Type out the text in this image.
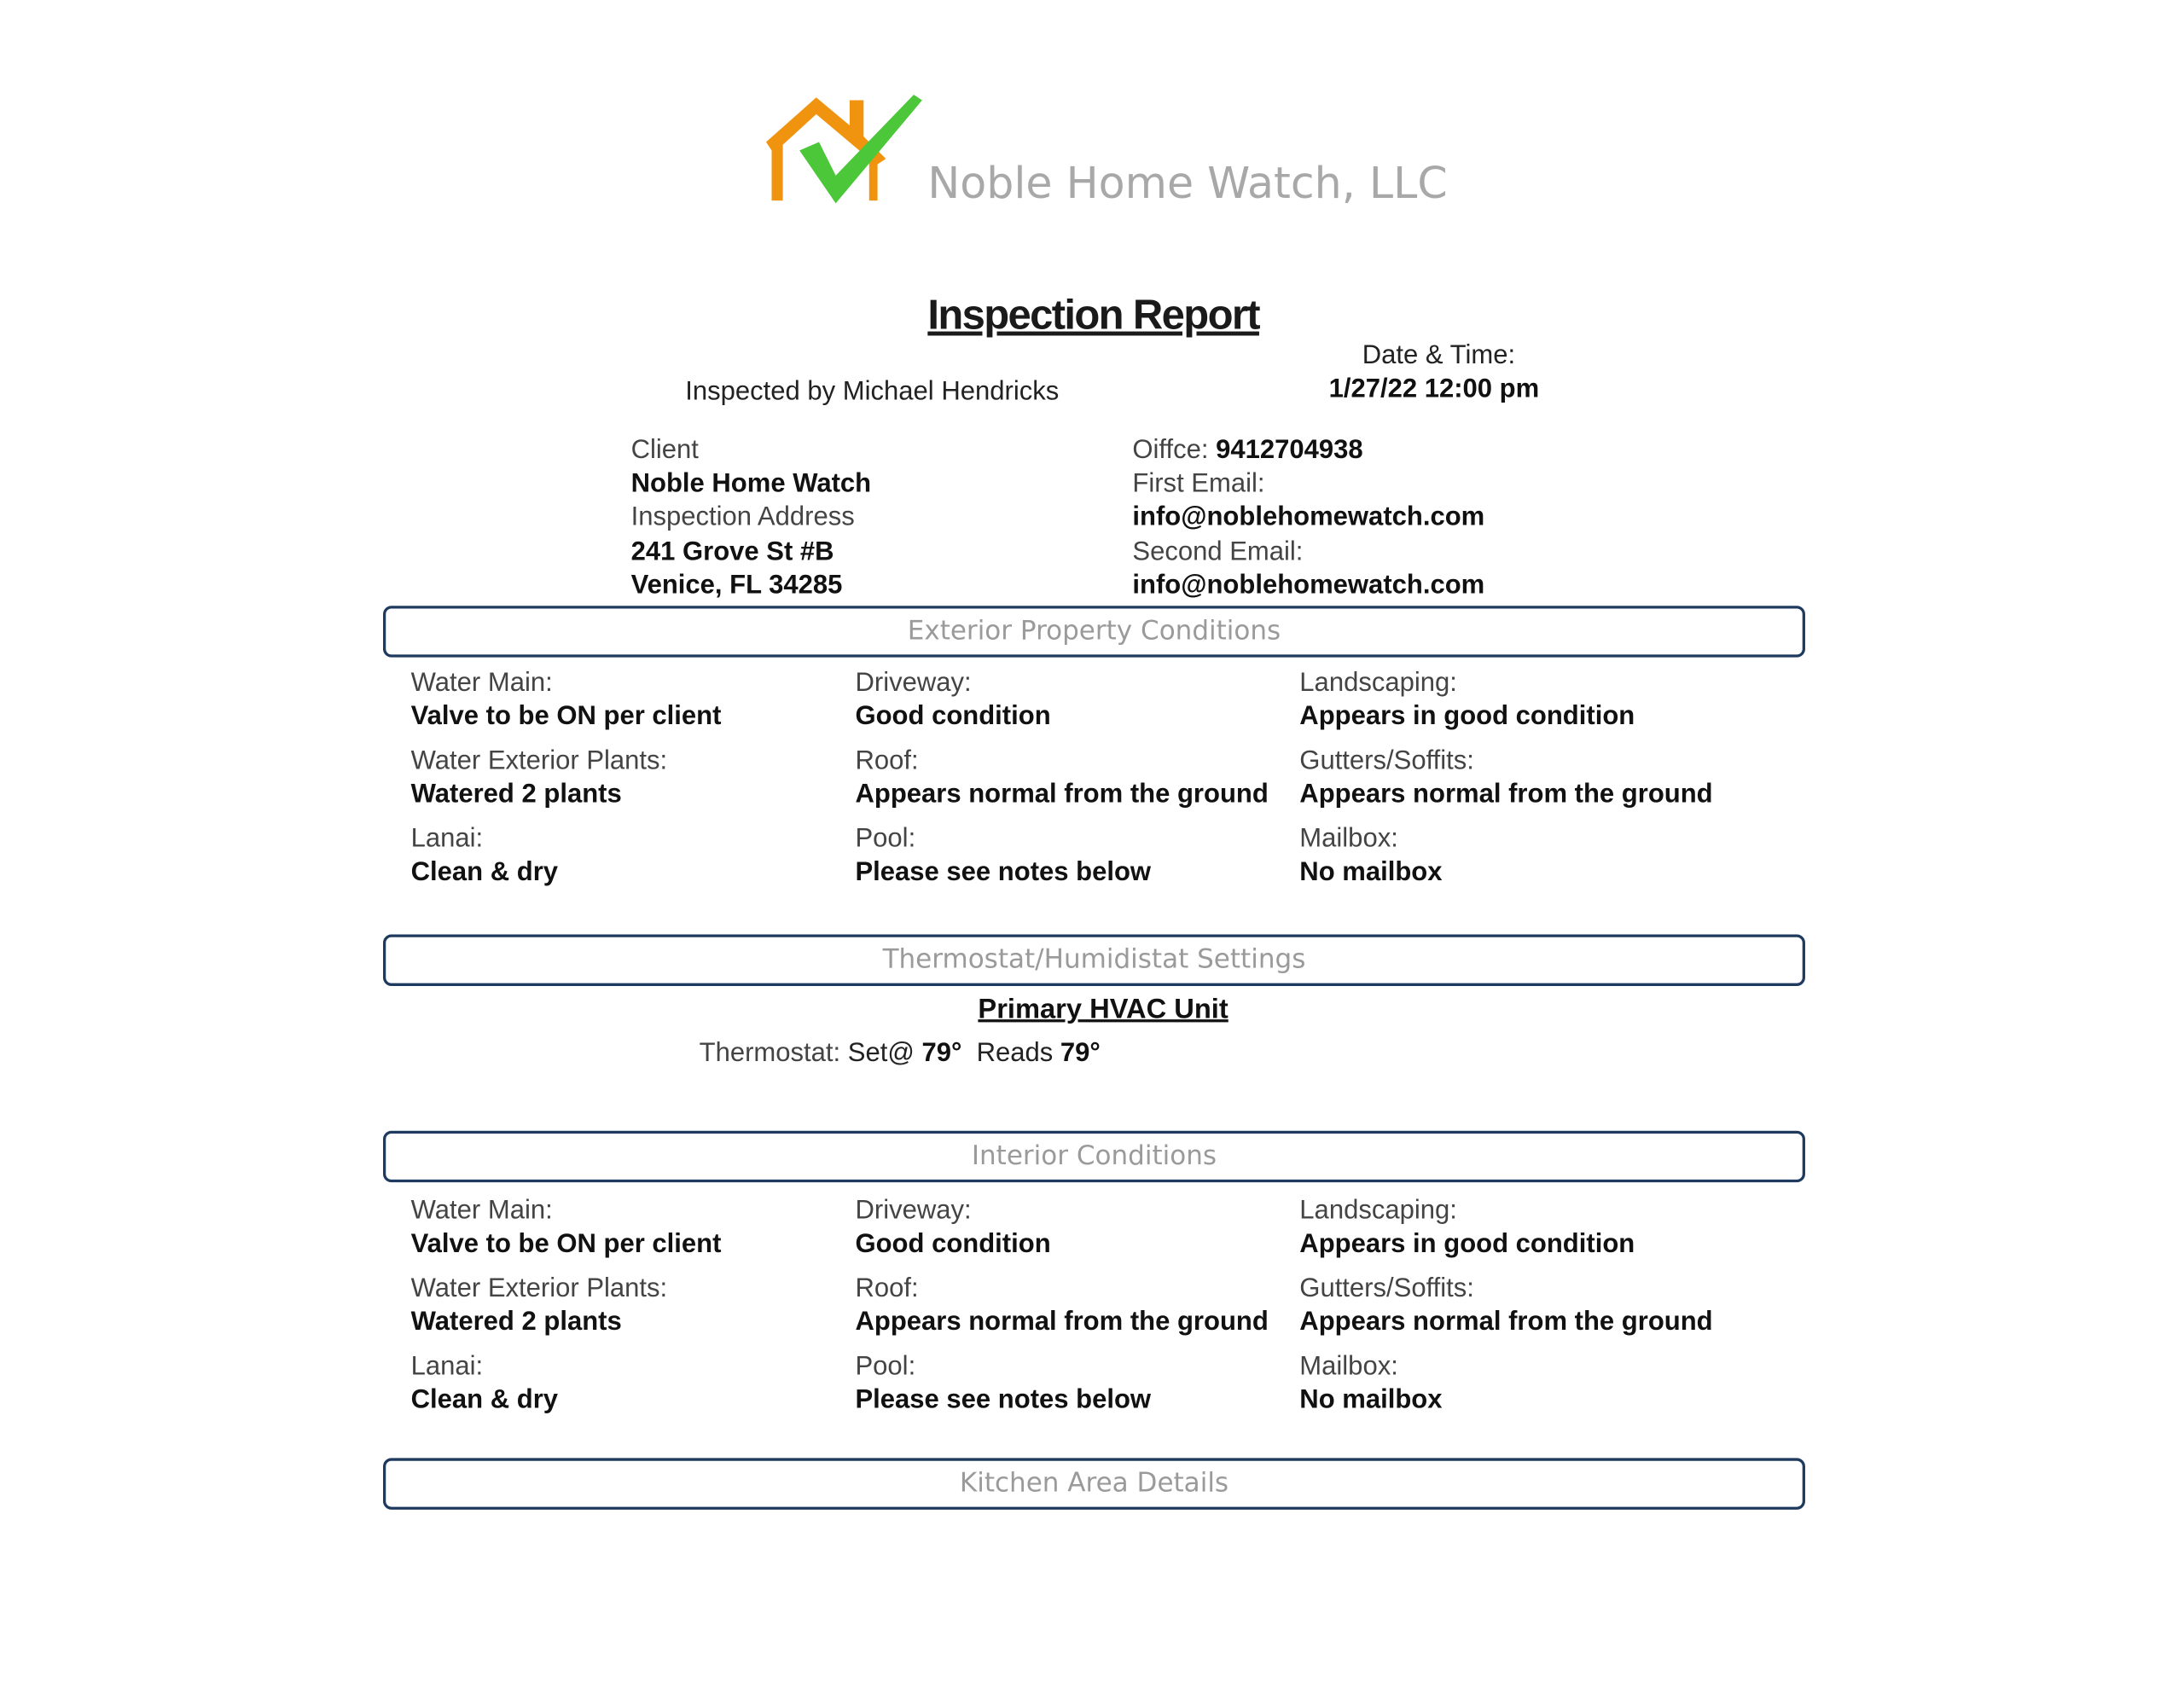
Noble Home Watch, LLC
Inspection Report
Date & Time:
1/27/22 12:00 pm
Inspected by Michael Hendricks
Client
Noble Home Watch
Inspection Address
241 Grove St #B
Venice, FL 34285
Oiffce: 9412704938
First Email:
info@noblehomewatch.com
Second Email:
info@noblehomewatch.com
Exterior Property Conditions
Water Main:
Valve to be ON per client
Driveway:
Good condition
Landscaping:
Appears in good condition
Water Exterior Plants:
Watered 2 plants
Roof:
Appears normal from the ground
Gutters/Soffits:
Appears normal from the ground
Lanai:
Clean & dry
Pool:
Please see notes below
Mailbox:
No mailbox
Thermostat/Humidistat Settings
Primary HVAC Unit
Thermostat: Set@ 79° Reads 79°
Interior Conditions
Water Main:
Valve to be ON per client
Driveway:
Good condition
Landscaping:
Appears in good condition
Water Exterior Plants:
Watered 2 plants
Roof:
Appears normal from the ground
Gutters/Soffits:
Appears normal from the ground
Lanai:
Clean & dry
Pool:
Please see notes below
Mailbox:
No mailbox
Kitchen Area Details
